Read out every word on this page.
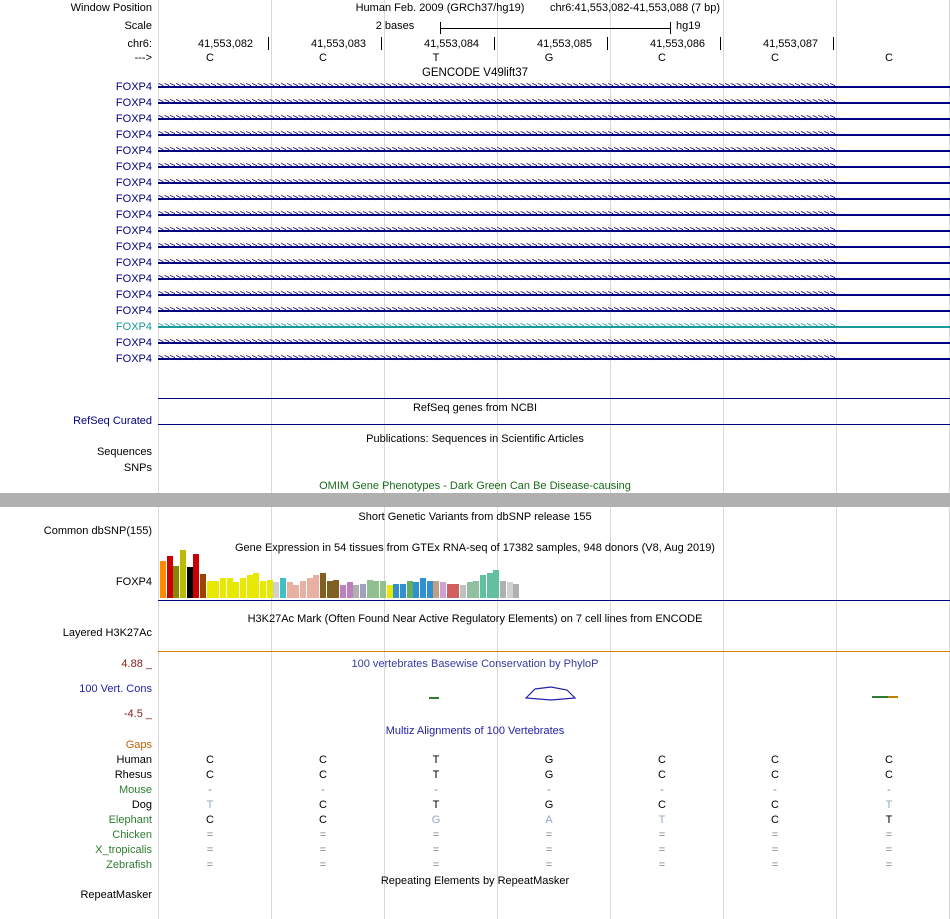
Window Position	Human Feb. 2009 (GRCh37/hg19)	chr6:41,553,082-41,553,088 (7 bp)
Scale	2 bases	hg19
chr6:	41,553,082	41,553,083	41,553,084	41,553,085	41,553,086	41,553,087
--->	C	C	T	G	C	C	C
GENCODE V49lift37
FOXP4 >>>>>>>>>>>>>>>>>>>>>>>>>>>>>>>>>>>>>>>>>>>>>>>>>>>>>>>>>>>>>>>>>>>>>>>>>>>>>>>>>>>>>>>>>>>>>>>>>>>>>>>>>>>>>>>>>>>>
FOXP4 >>>>>>>>>>>>>>>>>>>>>>>>>>>>>>>>>>>>>>>>>>>>>>>>>>>>>>>>>>>>>>>>>>>>>>>>>>>>>>>>>>>>>>>>>>>>>>>>>>>>>>>>>>>>>>>>>>>>
FOXP4 >>>>>>>>>>>>>>>>>>>>>>>>>>>>>>>>>>>>>>>>>>>>>>>>>>>>>>>>>>>>>>>>>>>>>>>>>>>>>>>>>>>>>>>>>>>>>>>>>>>>>>>>>>>>>>>>>>>>
FOXP4 >>>>>>>>>>>>>>>>>>>>>>>>>>>>>>>>>>>>>>>>>>>>>>>>>>>>>>>>>>>>>>>>>>>>>>>>>>>>>>>>>>>>>>>>>>>>>>>>>>>>>>>>>>>>>>>>>>>>
FOXP4 >>>>>>>>>>>>>>>>>>>>>>>>>>>>>>>>>>>>>>>>>>>>>>>>>>>>>>>>>>>>>>>>>>>>>>>>>>>>>>>>>>>>>>>>>>>>>>>>>>>>>>>>>>>>>>>>>>>>
FOXP4 >>>>>>>>>>>>>>>>>>>>>>>>>>>>>>>>>>>>>>>>>>>>>>>>>>>>>>>>>>>>>>>>>>>>>>>>>>>>>>>>>>>>>>>>>>>>>>>>>>>>>>>>>>>>>>>>>>>>
FOXP4 >>>>>>>>>>>>>>>>>>>>>>>>>>>>>>>>>>>>>>>>>>>>>>>>>>>>>>>>>>>>>>>>>>>>>>>>>>>>>>>>>>>>>>>>>>>>>>>>>>>>>>>>>>>>>>>>>>>>
FOXP4 >>>>>>>>>>>>>>>>>>>>>>>>>>>>>>>>>>>>>>>>>>>>>>>>>>>>>>>>>>>>>>>>>>>>>>>>>>>>>>>>>>>>>>>>>>>>>>>>>>>>>>>>>>>>>>>>>>>>
FOXP4 >>>>>>>>>>>>>>>>>>>>>>>>>>>>>>>>>>>>>>>>>>>>>>>>>>>>>>>>>>>>>>>>>>>>>>>>>>>>>>>>>>>>>>>>>>>>>>>>>>>>>>>>>>>>>>>>>>>>
FOXP4 >>>>>>>>>>>>>>>>>>>>>>>>>>>>>>>>>>>>>>>>>>>>>>>>>>>>>>>>>>>>>>>>>>>>>>>>>>>>>>>>>>>>>>>>>>>>>>>>>>>>>>>>>>>>>>>>>>>>
FOXP4 >>>>>>>>>>>>>>>>>>>>>>>>>>>>>>>>>>>>>>>>>>>>>>>>>>>>>>>>>>>>>>>>>>>>>>>>>>>>>>>>>>>>>>>>>>>>>>>>>>>>>>>>>>>>>>>>>>>>
FOXP4 >>>>>>>>>>>>>>>>>>>>>>>>>>>>>>>>>>>>>>>>>>>>>>>>>>>>>>>>>>>>>>>>>>>>>>>>>>>>>>>>>>>>>>>>>>>>>>>>>>>>>>>>>>>>>>>>>>>>
FOXP4 >>>>>>>>>>>>>>>>>>>>>>>>>>>>>>>>>>>>>>>>>>>>>>>>>>>>>>>>>>>>>>>>>>>>>>>>>>>>>>>>>>>>>>>>>>>>>>>>>>>>>>>>>>>>>>>>>>>>
FOXP4 >>>>>>>>>>>>>>>>>>>>>>>>>>>>>>>>>>>>>>>>>>>>>>>>>>>>>>>>>>>>>>>>>>>>>>>>>>>>>>>>>>>>>>>>>>>>>>>>>>>>>>>>>>>>>>>>>>>>
FOXP4 >>>>>>>>>>>>>>>>>>>>>>>>>>>>>>>>>>>>>>>>>>>>>>>>>>>>>>>>>>>>>>>>>>>>>>>>>>>>>>>>>>>>>>>>>>>>>>>>>>>>>>>>>>>>>>>>>>>>
FOXP4 >>>>>>>>>>>>>>>>>>>>>>>>>>>>>>>>>>>>>>>>>>>>>>>>>>>>>>>>>>>>>>>>>>>>>>>>>>>>>>>>>>>>>>>>>>>>>>>>>>>>>>>>>>>>>>>>>>>>
FOXP4 >>>>>>>>>>>>>>>>>>>>>>>>>>>>>>>>>>>>>>>>>>>>>>>>>>>>>>>>>>>>>>>>>>>>>>>>>>>>>>>>>>>>>>>>>>>>>>>>>>>>>>>>>>>>>>>>>>>>
FOXP4 >>>>>>>>>>>>>>>>>>>>>>>>>>>>>>>>>>>>>>>>>>>>>>>>>>>>>>>>>>>>>>>>>>>>>>>>>>>>>>>>>>>>>>>>>>>>>>>>>>>>>>>>>>>>>>>>>>>>
RefSeq Curated
RefSeq genes from NCBI
Sequences
Publications: Sequences in Scientific Articles
SNPs
OMIM Gene Phenotypes - Dark Green Can Be Disease-causing
Short Genetic Variants from dbSNP release 155
Common dbSNP(155)
Gene Expression in 54 tissues from GTEx RNA-seq of 17382 samples, 948 donors (V8, Aug 2019)
FOXP4
H3K27Ac Mark (Often Found Near Active Regulatory Elements) on 7 cell lines from ENCODE
Layered H3K27Ac
100 vertebrates Basewise Conservation by PhyloP
4.88 _
100 Vert. Cons
-4.5 _
Multiz Alignments of 100 Vertebrates
Gaps
Human	C	C	T	G	C	C	C
Rhesus	C	C	T	G	C	C	C
Mouse	-	-	-	-	-	-	-
Dog	T	C	T	G	C	C	T
Elephant	C	C	G	A	T	C	T
Chicken	=	=	=	=	=	=	=
X_tropicalis	=	=	=	=	=	=	=
Zebrafish	=	=	=	=	=	=	=
Repeating Elements by RepeatMasker
RepeatMasker
